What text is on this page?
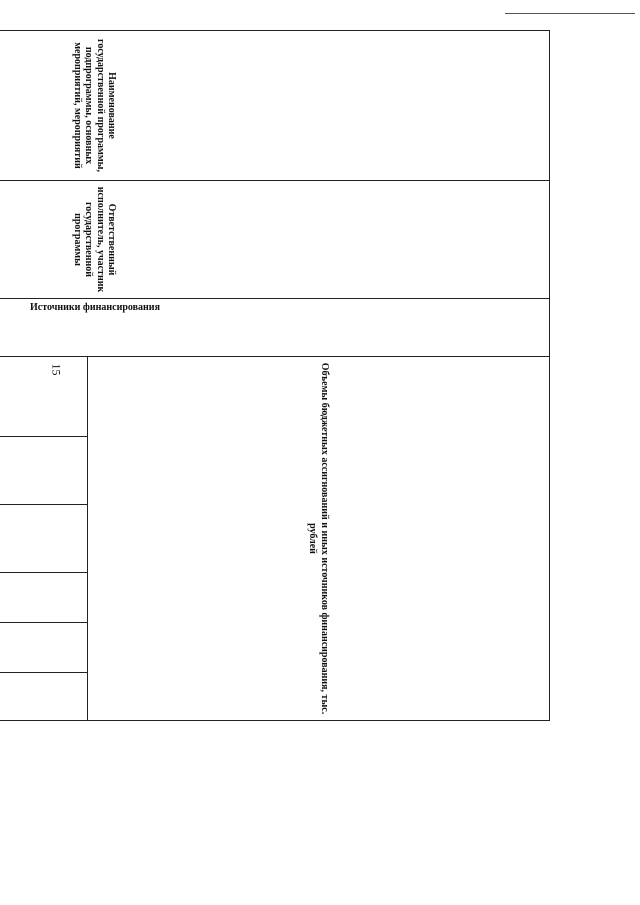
15
Наименование государственной программы, подпрограммы, основных мероприятий, мероприятий	Ответственный исполнитель, участник государственной программы	Источники финансирования	Объемы бюджетных ассигнований и иных источников финансирования, тыс. рублей					
